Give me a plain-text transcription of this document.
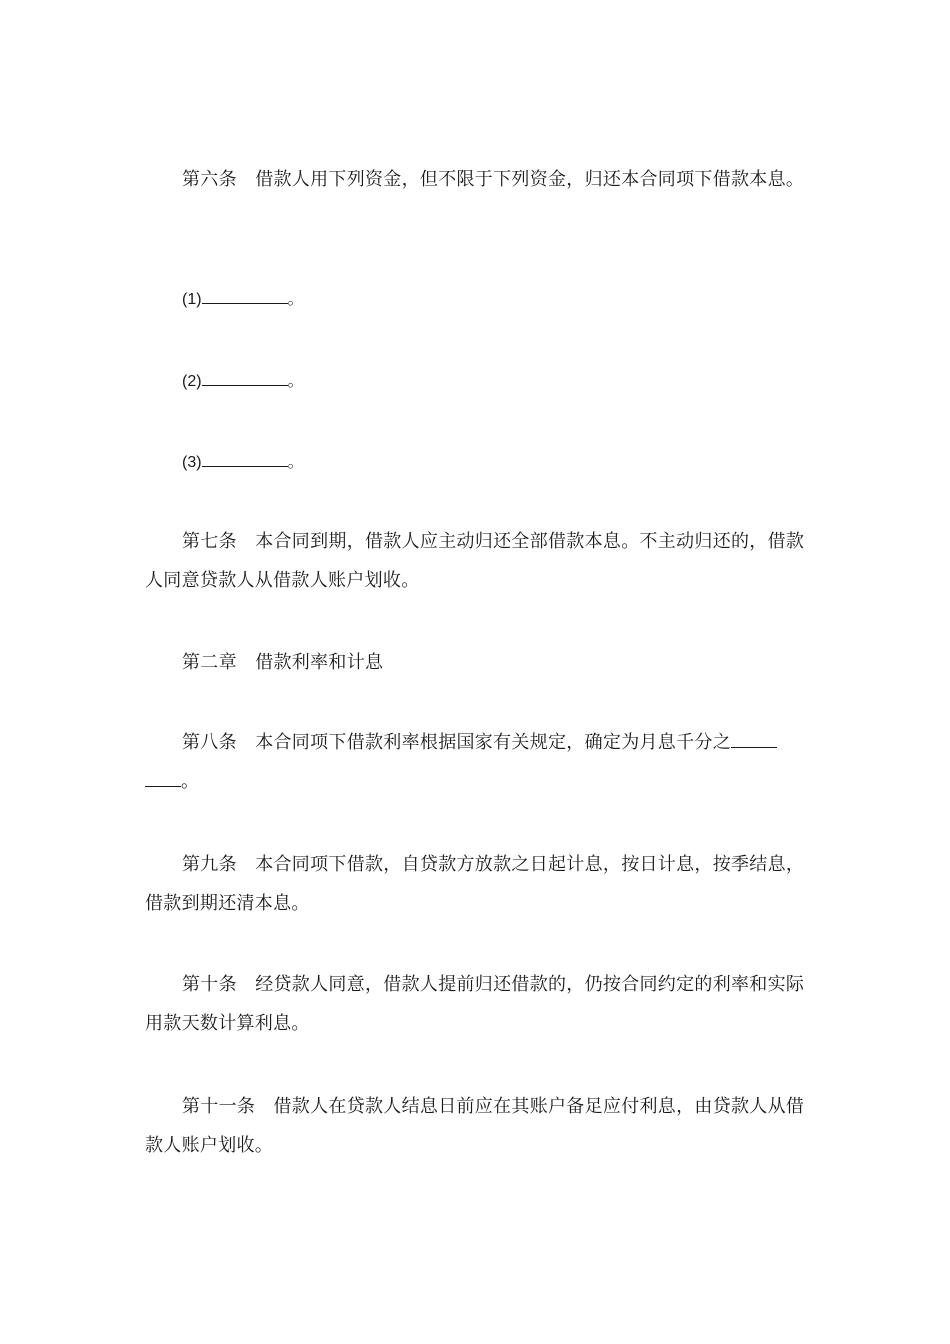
第六条　借款人用下列资金，但不限于下列资金，归还本合同项下借款本息。

(1)	。

(2)	。

(3)	。

第七条　本合同到期，借款人应主动归还全部借款本息。不主动归还的，借款人同意贷款人从借款人账户划收。

第二章　借款利率和计息

第八条　本合同项下借款利率根据国家有关规定，确定为月息千分之。

第九条　本合同项下借款，自贷款方放款之日起计息，按日计息，按季结息，借款到期还清本息。

第十条　经贷款人同意，借款人提前归还借款的，仍按合同约定的利率和实际用款天数计算利息。

第十一条　借款人在贷款人结息日前应在其账户备足应付利息，由贷款人从借款人账户划收。
